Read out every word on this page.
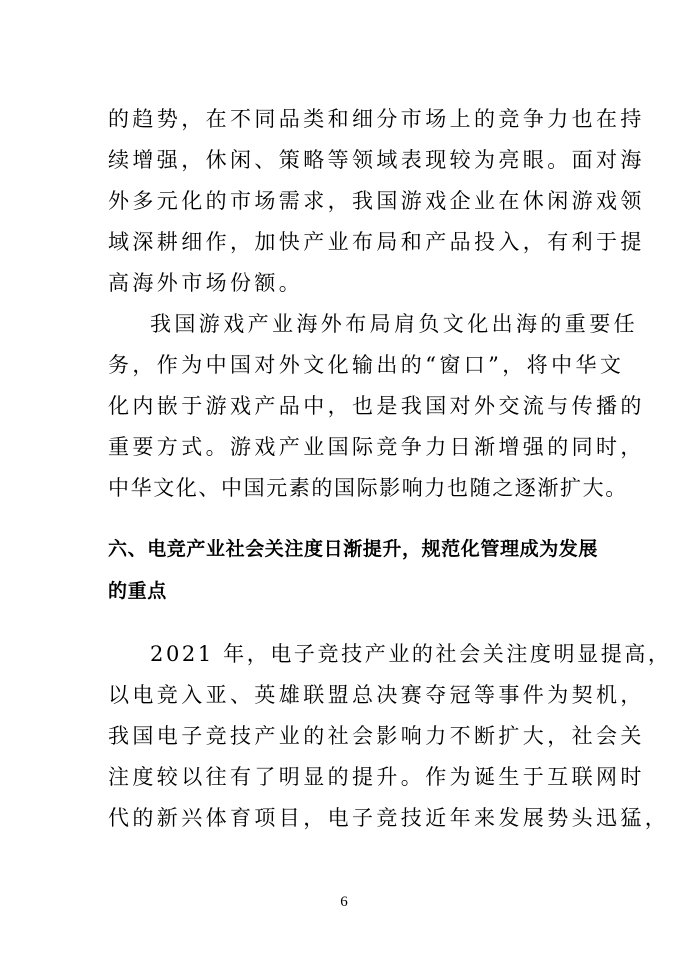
的趋势，在不同品类和细分市场上的竞争力也在持
续增强，休闲、策略等领域表现较为亮眼。面对海
外多元化的市场需求，我国游戏企业在休闲游戏领
域深耕细作，加快产业布局和产品投入，有利于提
高海外市场份额。
我国游戏产业海外布局肩负文化出海的重要任
务，作为中国对外文化输出的“窗口”，将中华文
化内嵌于游戏产品中，也是我国对外交流与传播的
重要方式。游戏产业国际竞争力日渐增强的同时，
中华文化、中国元素的国际影响力也随之逐渐扩大。
六、电竞产业社会关注度日渐提升，规范化管理成为发展
的重点
2021 年，电子竞技产业的社会关注度明显提高，
以电竞入亚、英雄联盟总决赛夺冠等事件为契机，
我国电子竞技产业的社会影响力不断扩大，社会关
注度较以往有了明显的提升。作为诞生于互联网时
代的新兴体育项目，电子竞技近年来发展势头迅猛，
6
